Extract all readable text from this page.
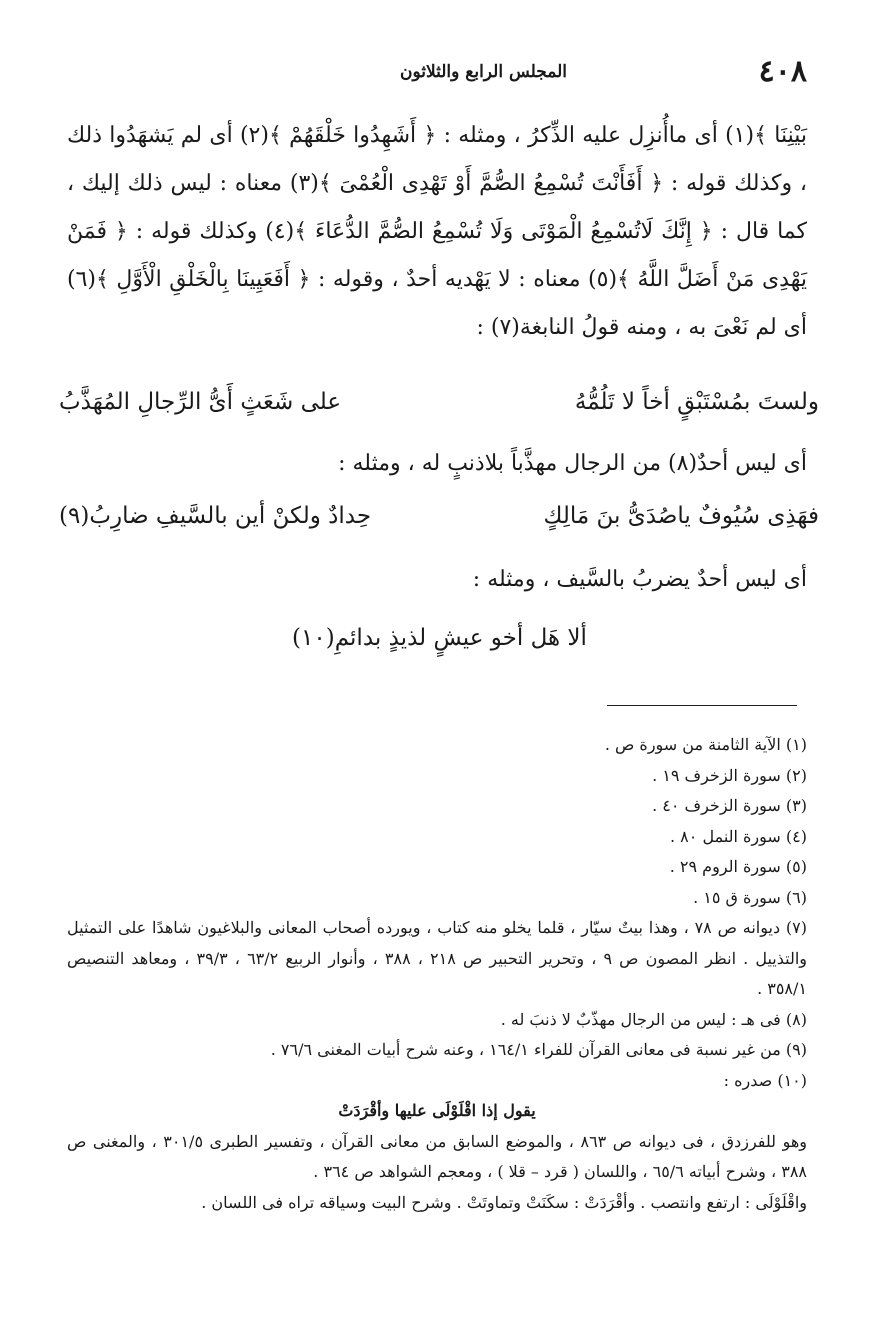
٤٠٨
المجلس الرابع والثلاثون

بَيْنِنَا ﴾(١) أى ماأُنزِل عليه الذِّكرُ ، ومثله : ﴿ أَشَهِدُوا خَلْقَهُمْ ﴾(٢) أى لم يَشهَدُوا ذلك ، وكذلك قوله : ﴿ أَفَأَنْتَ تُسْمِعُ الصُّمَّ أَوْ تَهْدِى الْعُمْىَ ﴾(٣) معناه : ليس ذلك إليك ، كما قال : ﴿ إِنَّكَ لَاتُسْمِعُ الْمَوْتَى وَلَا تُسْمِعُ الصُّمَّ الدُّعَاءَ ﴾(٤) وكذلك قوله : ﴿ فَمَنْ يَهْدِى مَنْ أَضَلَّ اللَّهُ ﴾(٥) معناه : لا يَهْديه أحدٌ ، وقوله : ﴿ أَفَعَيِينَا بِالْخَلْقِ الْأَوَّلِ ﴾(٦) أى لم نَعْىَ به ، ومنه قولُ النابغة(٧) :

ولستَ بمُسْتَبْقٍ أخاً لا تَلُمُّهُ
على شَعَثٍ أَىُّ الرِّجالِ المُهَذَّبُ
أى ليس أحدٌ(٨) من الرجال مهذَّباً بلاذنبٍ له ، ومثله :
فهَذِى سُيُوفٌ ياصُدَىُّ بنَ مَالِكٍ
حِدادٌ ولكنْ أين بالسَّيفِ ضارِبُ(٩)
أى ليس أحدٌ يضربُ بالسَّيف ، ومثله :
ألا هَل أخو عيشٍ لذيذٍ بدائمِ(١٠)
(١) الآية الثامنة من سورة ص .
(٢) سورة الزخرف ١٩ .
(٣) سورة الزخرف ٤٠ .
(٤) سورة النمل ٨٠ .
(٥) سورة الروم ٢٩ .
(٦) سورة ق ١٥ .
(٧) ديوانه ص ٧٨ ، وهذا بيتٌ سيّار ، قلما يخلو منه كتاب ، ويورده أصحاب المعانى والبلاغيون شاهدًا على التمثيل والتذييل . انظر المصون ص ٩ ، وتحرير التحبير ص ٢١٨ ، ٣٨٨ ، وأنوار الربيع ٦٣/٢ ، ٣٩/٣ ، ومعاهد التنصيص ٣٥٨/١ .
(٨) فى هـ : ليس من الرجال مهذّبٌ لا ذنبَ له .
(٩) من غير نسبة فى معانى القرآن للفراء ١٦٤/١ ، وعنه شرح أبيات المغنى ٧٦/٦ .
(١٠) صدره :
يقول إذا اقْلَوْلَى عليها وأقْرَدَتْ
وهو للفرزدق ، فى ديوانه ص ٨٦٣ ، والموضع السابق من معانى القرآن ، وتفسير الطبرى ٣٠١/٥ ، والمغنى ص ٣٨٨ ، وشرح أبياته ٦٥/٦ ، واللسان ( قرد – قلا ) ، ومعجم الشواهد ص ٣٦٤ .
واقْلَوْلَى : ارتفع وانتصب . وأقْرَدَتْ : سكَنَتْ وتماوتَتْ . وشرح البيت وسياقه تراه فى اللسان .
